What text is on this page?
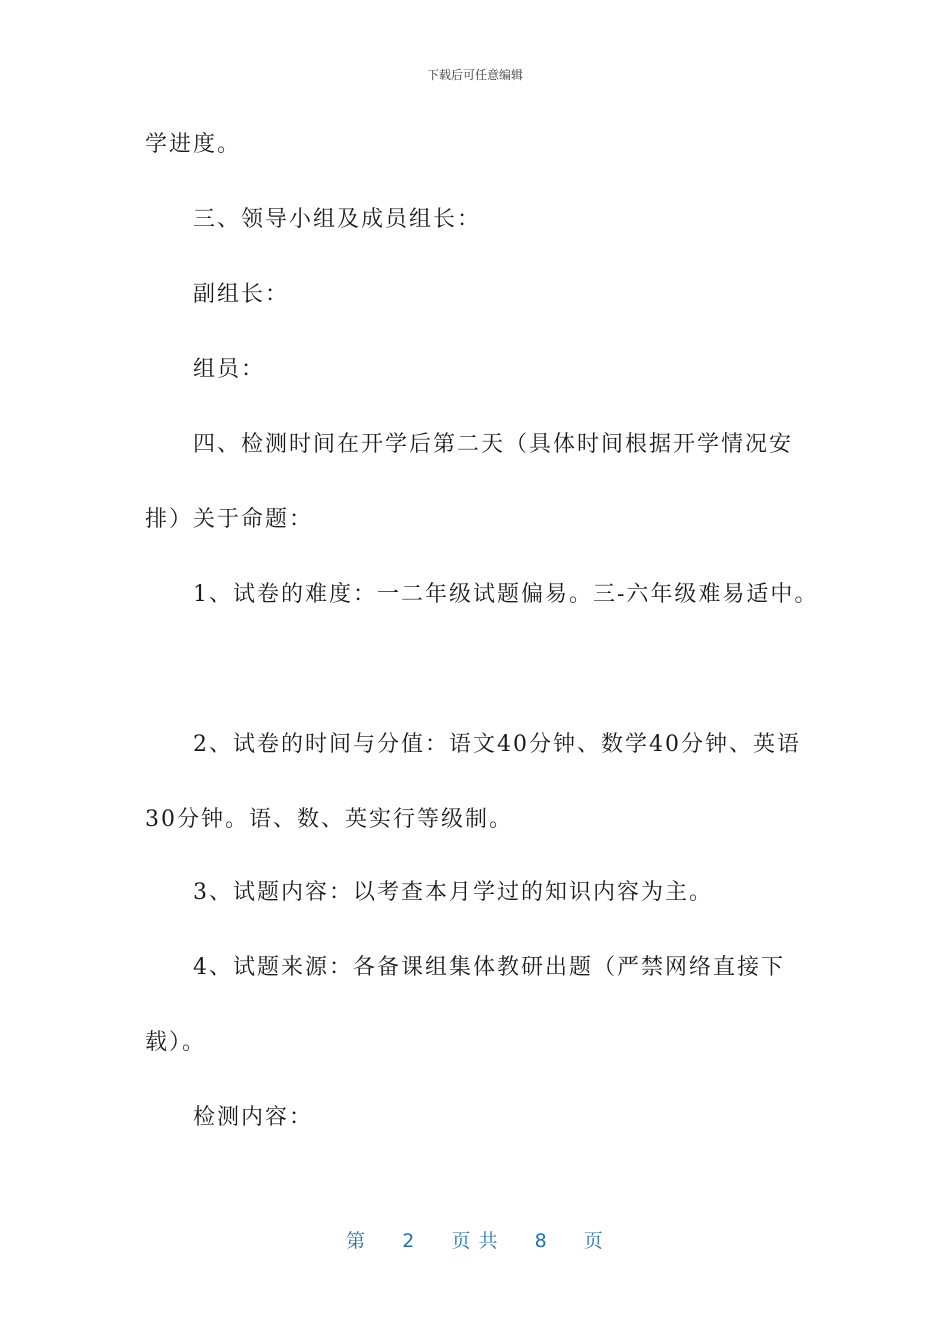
下载后可任意编辑
学进度。
三、领导小组及成员组长：
副组长：
组员：
四、检测时间在开学后第二天（具体时间根据开学情况安
排）关于命题：
1、试卷的难度：一二年级试题偏易。三-六年级难易适中。
2、试卷的时间与分值：语文40分钟、数学40分钟、英语
30分钟。语、数、英实行等级制。
3、试题内容：以考查本月学过的知识内容为主。
4、试题来源：各备课组集体教研出题（严禁网络直接下
载）。
检测内容：
第 2 页 共 8 页
